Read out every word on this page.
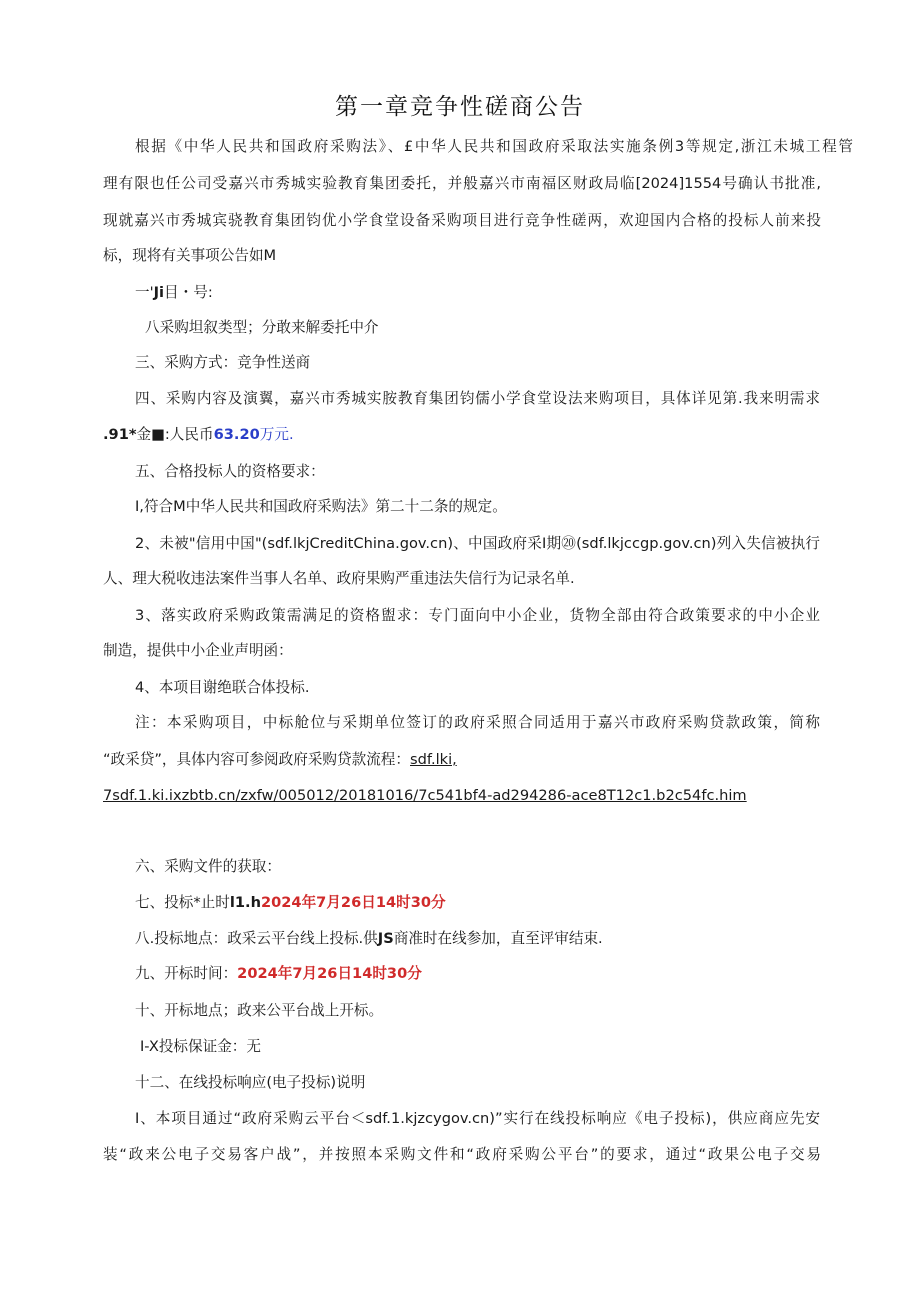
第一章竞争性磋商公告
根据《中华人民共和国政府采购法》、£中华人民共和国政府采取法实施条例3等规定,浙江未城工程管
理有限也任公司受嘉兴市秀城实验教育集团委托，并般嘉兴市南福区财政局临[2024]1554号确认书批准,
现就嘉兴市秀城宾骁教育集团钧优小学食堂设备采购项目进行竞争性磋两，欢迎国内合格的投标人前来投
标，现将有关事项公告如M
一'Ji目・号:
八采购坦叙类型；分敢来解委托中介
三、采购方式：竞争性送商
四、采购内容及演翼，嘉兴市秀城实胺教育集团钧儒小学食堂设法来购项目，具体详见第.我来明需求
.91*金■:人民币63.20万元.
五、合格投标人的资格要求：
I,符合M中华人民共和国政府采购法》第二十二条的规定。
2、未被"信用中国"(sdf.lkjCreditChina.gov.cn)、中国政府采I期⑳(sdf.lkjccgp.gov.cn)列入失信被执行
人、理大税收违法案件当事人名单、政府果购严重违法失信行为记录名单.
3、落实政府采购政策需满足的资格盥求：专门面向中小企业，货物全部由符合政策要求的中小企业
制造，提供中小企业声明函：
4、本项目谢绝联合体投标.
注：本采购项目，中标舱位与采期单位签订的政府采照合同适用于嘉兴市政府采购贷款政策，简称
“政采贷”，具体内容可参阅政府采购贷款流程：sdf.lki,
7sdf.1.ki.ixzbtb.cn/zxfw/005012/20181016/7c541bf4-ad294286-ace8T12c1.b2c54fc.him
六、采购文件的获取：
七、投标*止时l1.h2024年7月26日14时30分
八.投标地点：政采云平台线上投标.供JS商准时在线参加，直至评审结束.
九、开标时间：2024年7月26日14时30分
十、开标地点；政来公平台战上开标。
I-X投标保证金：无
十二、在线投标响应(电子投标)说明
I、本项目通过“政府采购云平台＜sdf.1.kjzcygov.cn)”实行在线投标响应《电子投标)，供应商应先安
装“政来公电子交易客户战”，并按照本采购文件和“政府采购公平台”的要求，通过“政果公电子交易
